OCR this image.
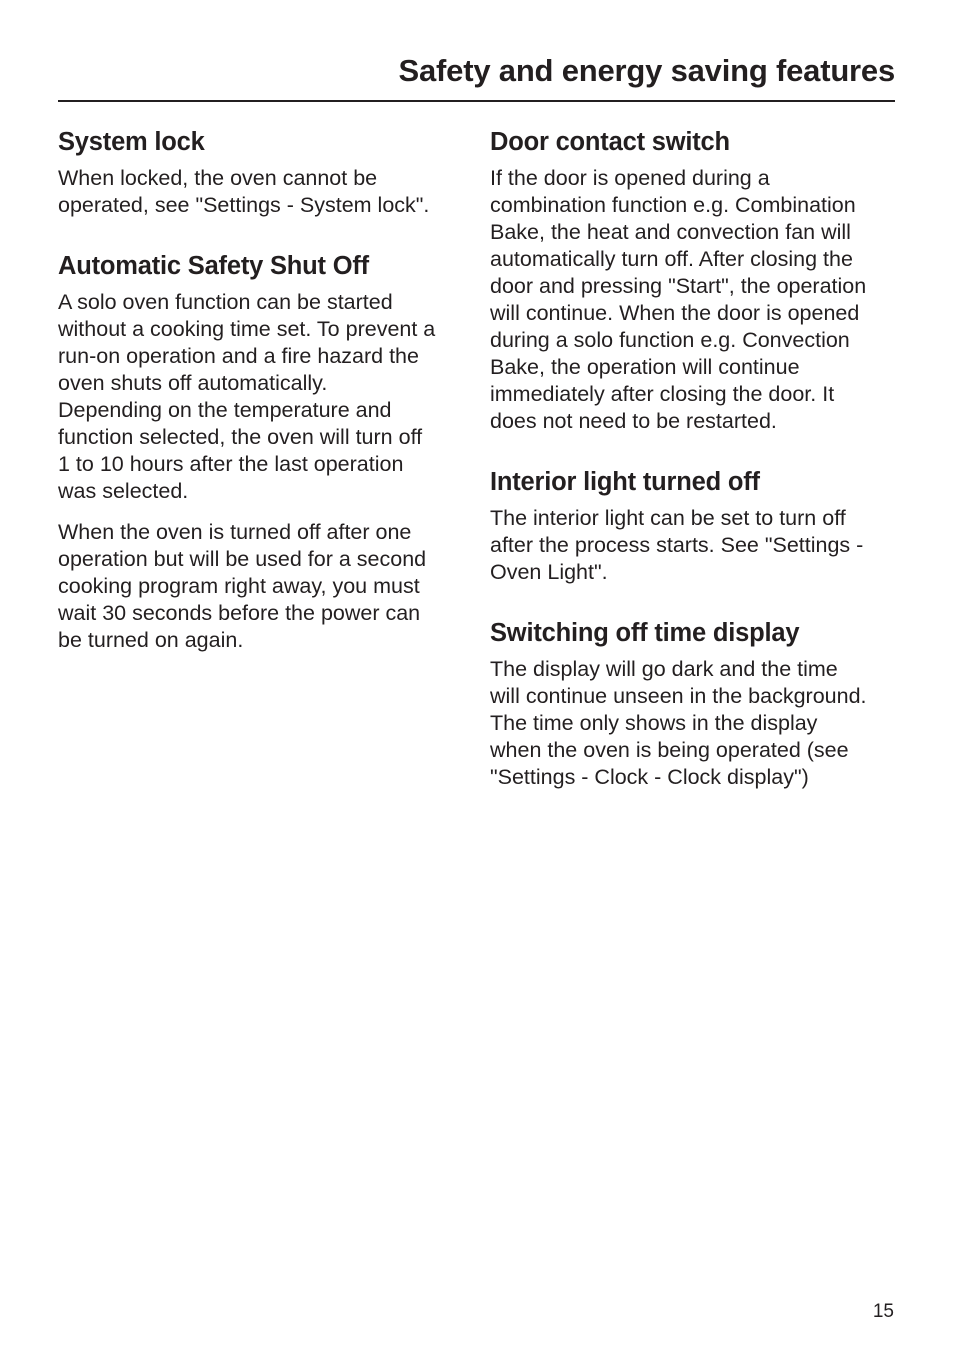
Safety and energy saving features
System lock

When locked, the oven cannot be
operated, see "Settings - System lock".

Automatic Safety Shut Off

A solo oven function can be started
without a cooking time set. To prevent a
run-on operation and a fire hazard the
oven shuts off automatically.
Depending on the temperature and
function selected, the oven will turn off
1 to 10 hours after the last operation
was selected.

When the oven is turned off after one
operation but will be used for a second
cooking program right away, you must
wait 30 seconds before the power can
be turned on again.

Door contact switch

If the door is opened during a
combination function e.g. Combination
Bake, the heat and convection fan will
automatically turn off. After closing the
door and pressing "Start", the operation
will continue. When the door is opened
during a solo function e.g. Convection
Bake, the operation will continue
immediately after closing the door. It
does not need to be restarted.

Interior light turned off

The interior light can be set to turn off
after the process starts. See "Settings -
Oven Light".

Switching off time display

The display will go dark and the time
will continue unseen in the background.
The time only shows in the display
when the oven is being operated (see
"Settings - Clock - Clock display")

15
